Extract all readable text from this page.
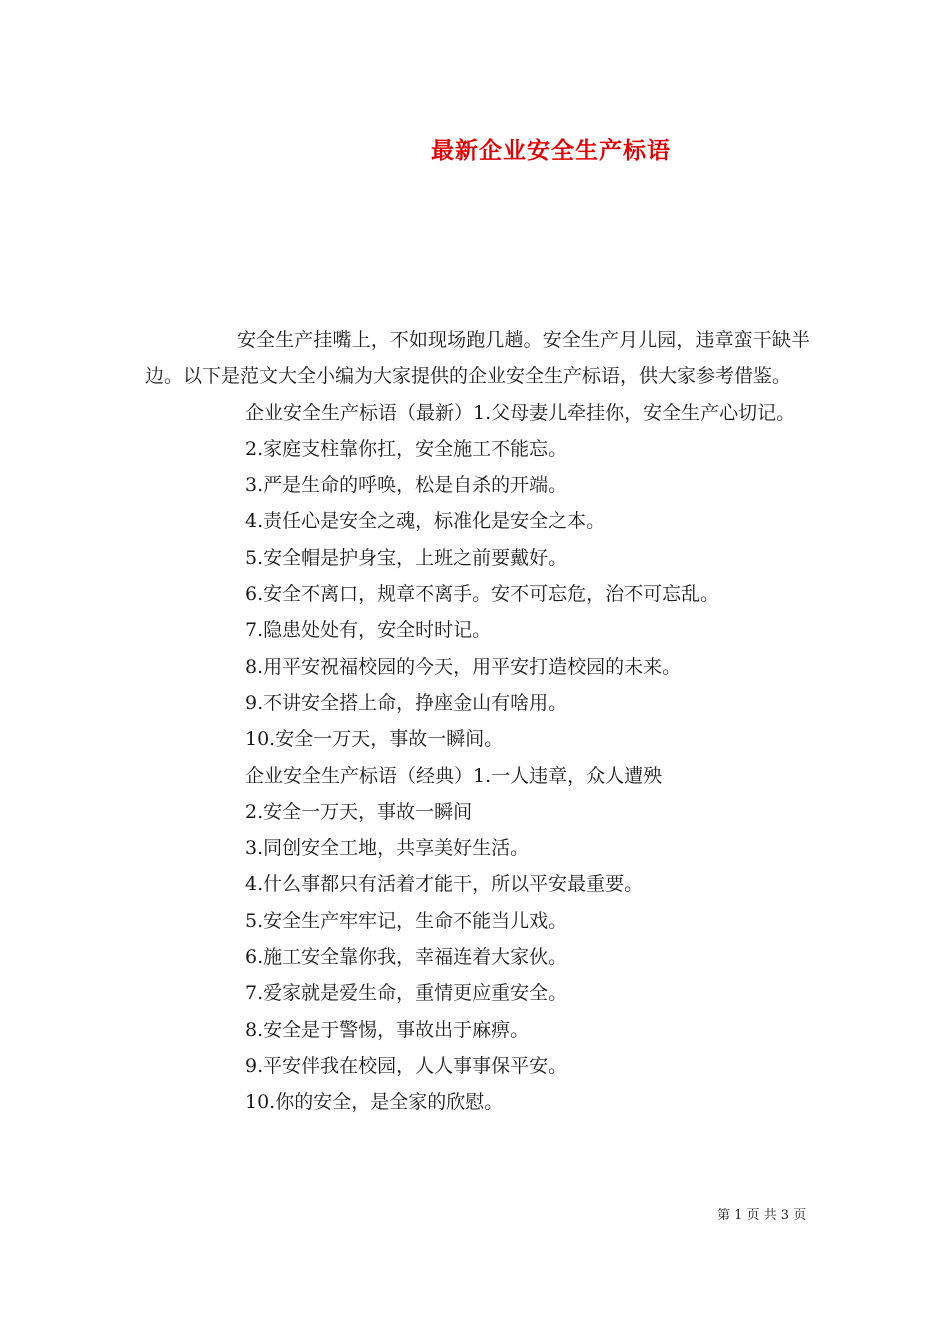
最新企业安全生产标语

安全生产挂嘴上，不如现场跑几趟。安全生产月儿园，违章蛮干缺半边。以下是范文大全小编为大家提供的企业安全生产标语，供大家参考借鉴。

企业安全生产标语（最新）1.父母妻儿牵挂你，安全生产心切记。

2.家庭支柱靠你扛，安全施工不能忘。

3.严是生命的呼唤，松是自杀的开端。

4.责任心是安全之魂，标准化是安全之本。

5.安全帽是护身宝，上班之前要戴好。

6.安全不离口，规章不离手。安不可忘危，治不可忘乱。

7.隐患处处有，安全时时记。

8.用平安祝福校园的今天，用平安打造校园的未来。

9.不讲安全搭上命，挣座金山有啥用。

10.安全一万天，事故一瞬间。

企业安全生产标语（经典）1.一人违章，众人遭殃

2.安全一万天，事故一瞬间

3.同创安全工地，共享美好生活。

4.什么事都只有活着才能干，所以平安最重要。

5.安全生产牢牢记，生命不能当儿戏。

6.施工安全靠你我，幸福连着大家伙。

7.爱家就是爱生命，重情更应重安全。

8.安全是于警惕，事故出于麻痹。

9.平安伴我在校园，人人事事保平安。

10.你的安全，是全家的欣慰。

第 1 页 共 3 页
